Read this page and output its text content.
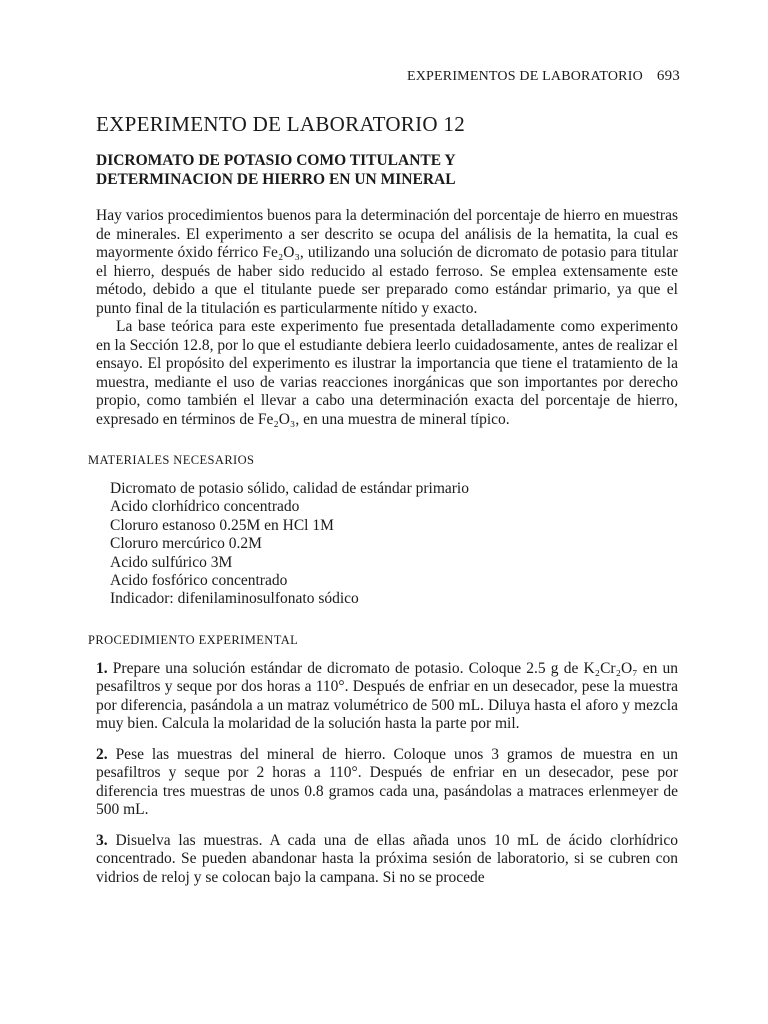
EXPERIMENTOS DE LABORATORIO 693
EXPERIMENTO DE LABORATORIO 12
DICROMATO DE POTASIO COMO TITULANTE Y
DETERMINACION DE HIERRO EN UN MINERAL

Hay varios procedimientos buenos para la determinación del porcentaje de hierro en muestras de minerales. El experimento a ser descrito se ocupa del análisis de la hematita, la cual es mayormente óxido férrico Fe₂O₃, utilizando una solución de dicromato de potasio para titular el hierro, después de haber sido reducido al estado ferroso. Se emplea extensamente este método, debido a que el titulante puede ser preparado como estándar primario, ya que el punto final de la titulación es particularmente nítido y exacto.

La base teórica para este experimento fue presentada detalladamente como experimento en la Sección 12.8, por lo que el estudiante debiera leerlo cuidadosamente, antes de realizar el ensayo. El propósito del experimento es ilustrar la importancia que tiene el tratamiento de la muestra, mediante el uso de varias reacciones inorgánicas que son importantes por derecho propio, como también el llevar a cabo una determinación exacta del porcentaje de hierro, expresado en términos de Fe₂O₃, en una muestra de mineral típico.

MATERIALES NECESARIOS
Dicromato de potasio sólido, calidad de estándar primario
Acido clorhídrico concentrado
Cloruro estanoso 0.25M en HCl 1M
Cloruro mercúrico 0.2M
Acido sulfúrico 3M
Acido fosfórico concentrado
Indicador: difenilaminosulfonato sódico
PROCEDIMIENTO EXPERIMENTAL

1. Prepare una solución estándar de dicromato de potasio. Coloque 2.5 g de K₂Cr₂O₇ en un pesafiltros y seque por dos horas a 110°. Después de enfriar en un desecador, pese la muestra por diferencia, pasándola a un matraz volumétrico de 500 mL. Diluya hasta el aforo y mezcla muy bien. Calcula la molaridad de la solución hasta la parte por mil.

2. Pese las muestras del mineral de hierro. Coloque unos 3 gramos de muestra en un pesafiltros y seque por 2 horas a 110°. Después de enfriar en un desecador, pese por diferencia tres muestras de unos 0.8 gramos cada una, pasándolas a matraces erlenmeyer de 500 mL.

3. Disuelva las muestras. A cada una de ellas añada unos 10 mL de ácido clorhídrico concentrado. Se pueden abandonar hasta la próxima sesión de laboratorio, si se cubren con vidrios de reloj y se colocan bajo la campana. Si no se procede
